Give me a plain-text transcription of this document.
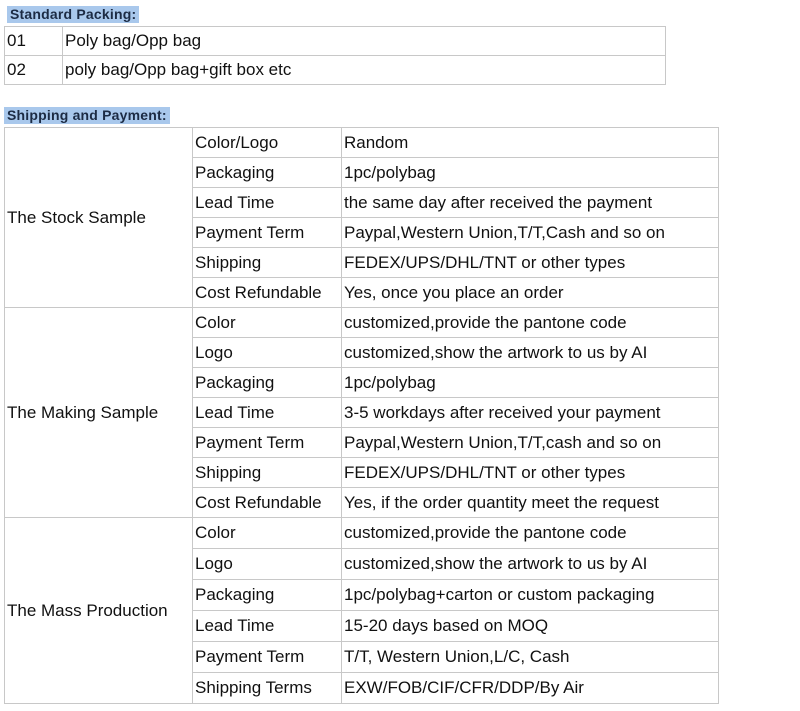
Standard Packing:
01	Poly bag/Opp bag
02	poly bag/Opp bag+gift box etc
Shipping and Payment:
The Stock Sample	Color/Logo	Random
	Packaging	1pc/polybag
	Lead Time	the same day after received the payment
	Payment Term	Paypal,Western Union,T/T,Cash and so on
	Shipping	FEDEX/UPS/DHL/TNT or other types
	Cost Refundable	Yes, once you place an order
The Making Sample	Color	customized,provide the pantone code
	Logo	customized,show the artwork to us by AI
	Packaging	1pc/polybag
	Lead Time	3-5 workdays after received your payment
	Payment Term	Paypal,Western Union,T/T,cash and so on
	Shipping	FEDEX/UPS/DHL/TNT or other types
	Cost Refundable	Yes, if the order quantity meet the request
The Mass Production	Color	customized,provide the pantone code
	Logo	customized,show the artwork to us by AI
	Packaging	1pc/polybag+carton or custom packaging
	Lead Time	15-20 days based on MOQ
	Payment Term	T/T, Western Union,L/C, Cash
	Shipping Terms	EXW/FOB/CIF/CFR/DDP/By Air
